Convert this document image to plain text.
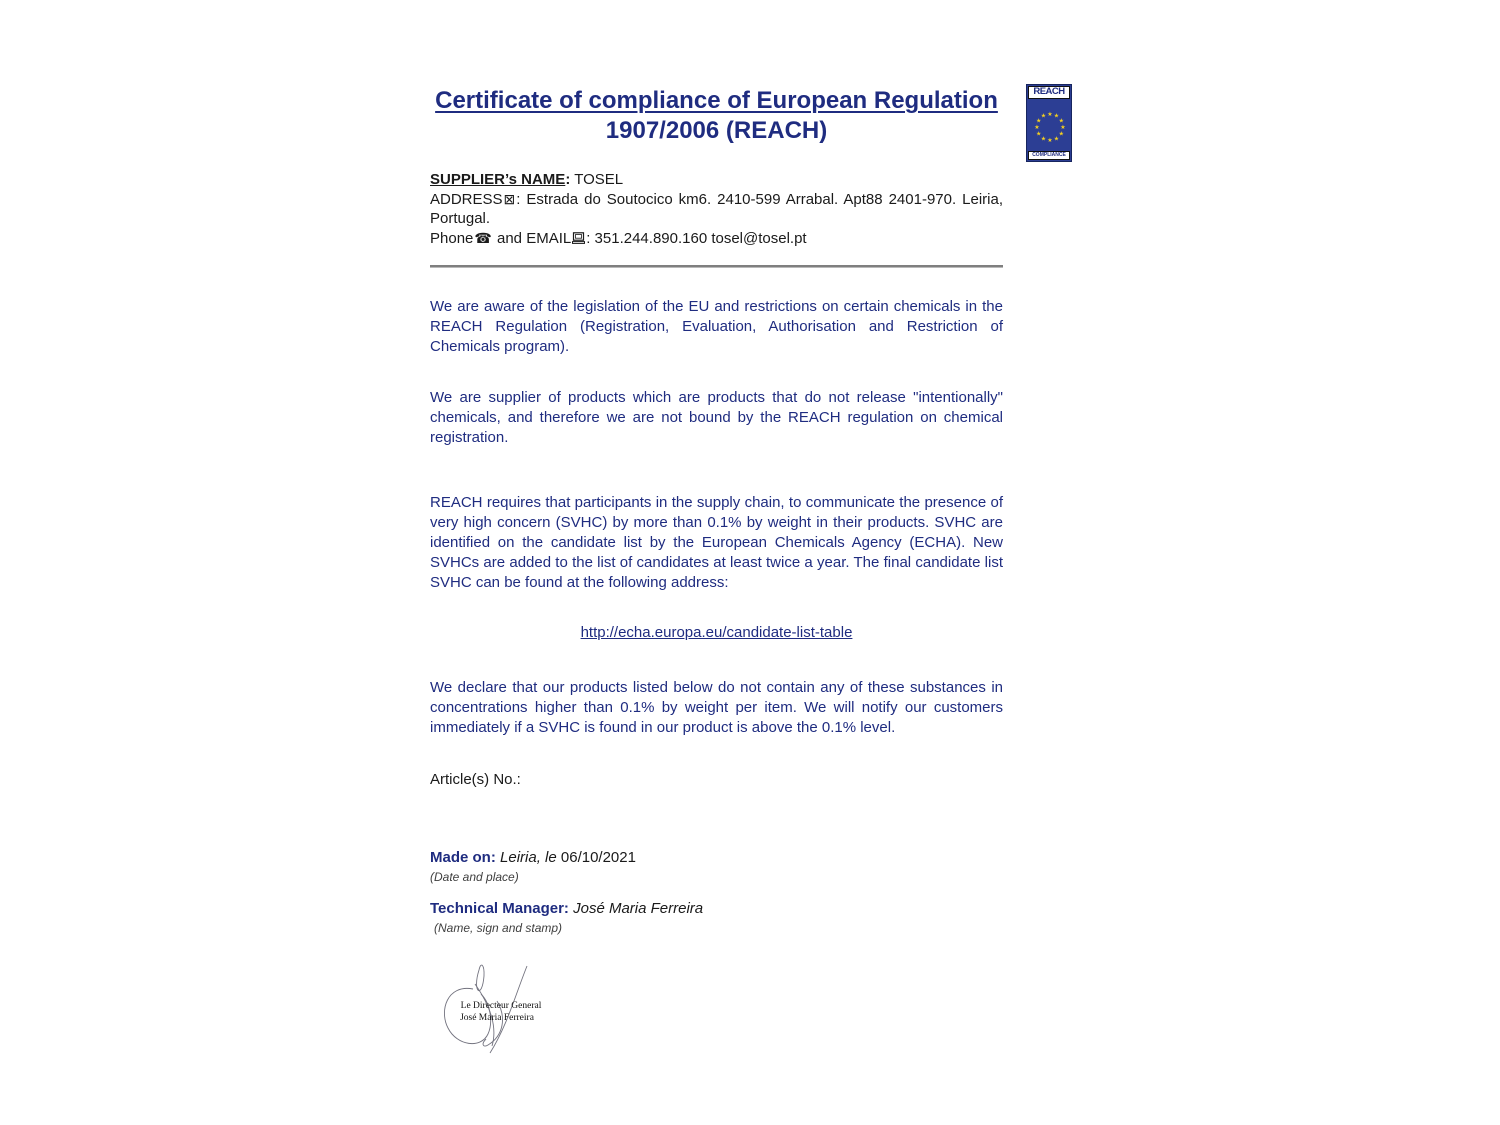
★ ★
★
★
★
★
★
★
★
★
★
★
REACH
COMPLIANCE
Certificate of compliance of European Regulation
1907/2006 (REACH)

SUPPLIER’s NAME: TOSEL

ADDRESS⊠: Estrada do Soutocico km6. 2410-599 Arrabal. Apt88 2401-970. Leiria, Portugal.

Phone☎ and EMAIL : 351.244.890.160 tosel@tosel.pt

We are aware of the legislation of the EU and restrictions on certain chemicals in the REACH Regulation (Registration, Evaluation, Authorisation and Restriction of Chemicals program).

We are supplier of products which are products that do not release "intentionally" chemicals, and therefore we are not bound by the REACH regulation on chemical registration.

REACH requires that participants in the supply chain, to communicate the presence of very high concern (SVHC) by more than 0.1% by weight in their products. SVHC are identified on the candidate list by the European Chemicals Agency (ECHA). New SVHCs are added to the list of candidates at least twice a year. The final candidate list SVHC can be found at the following address:

http://echa.europa.eu/candidate-list-table

We declare that our products listed below do not contain any of these substances in concentrations higher than 0.1% by weight per item. We will notify our customers immediately if a SVHC is found in our product is above the 0.1% level.

Article(s) No.:

Made on: Leiria, le 06/10/2021

(Date and place)

Technical Manager: José Maria Ferreira

(Name, sign and stamp)

Le Directeur General
José Maria Ferreira
